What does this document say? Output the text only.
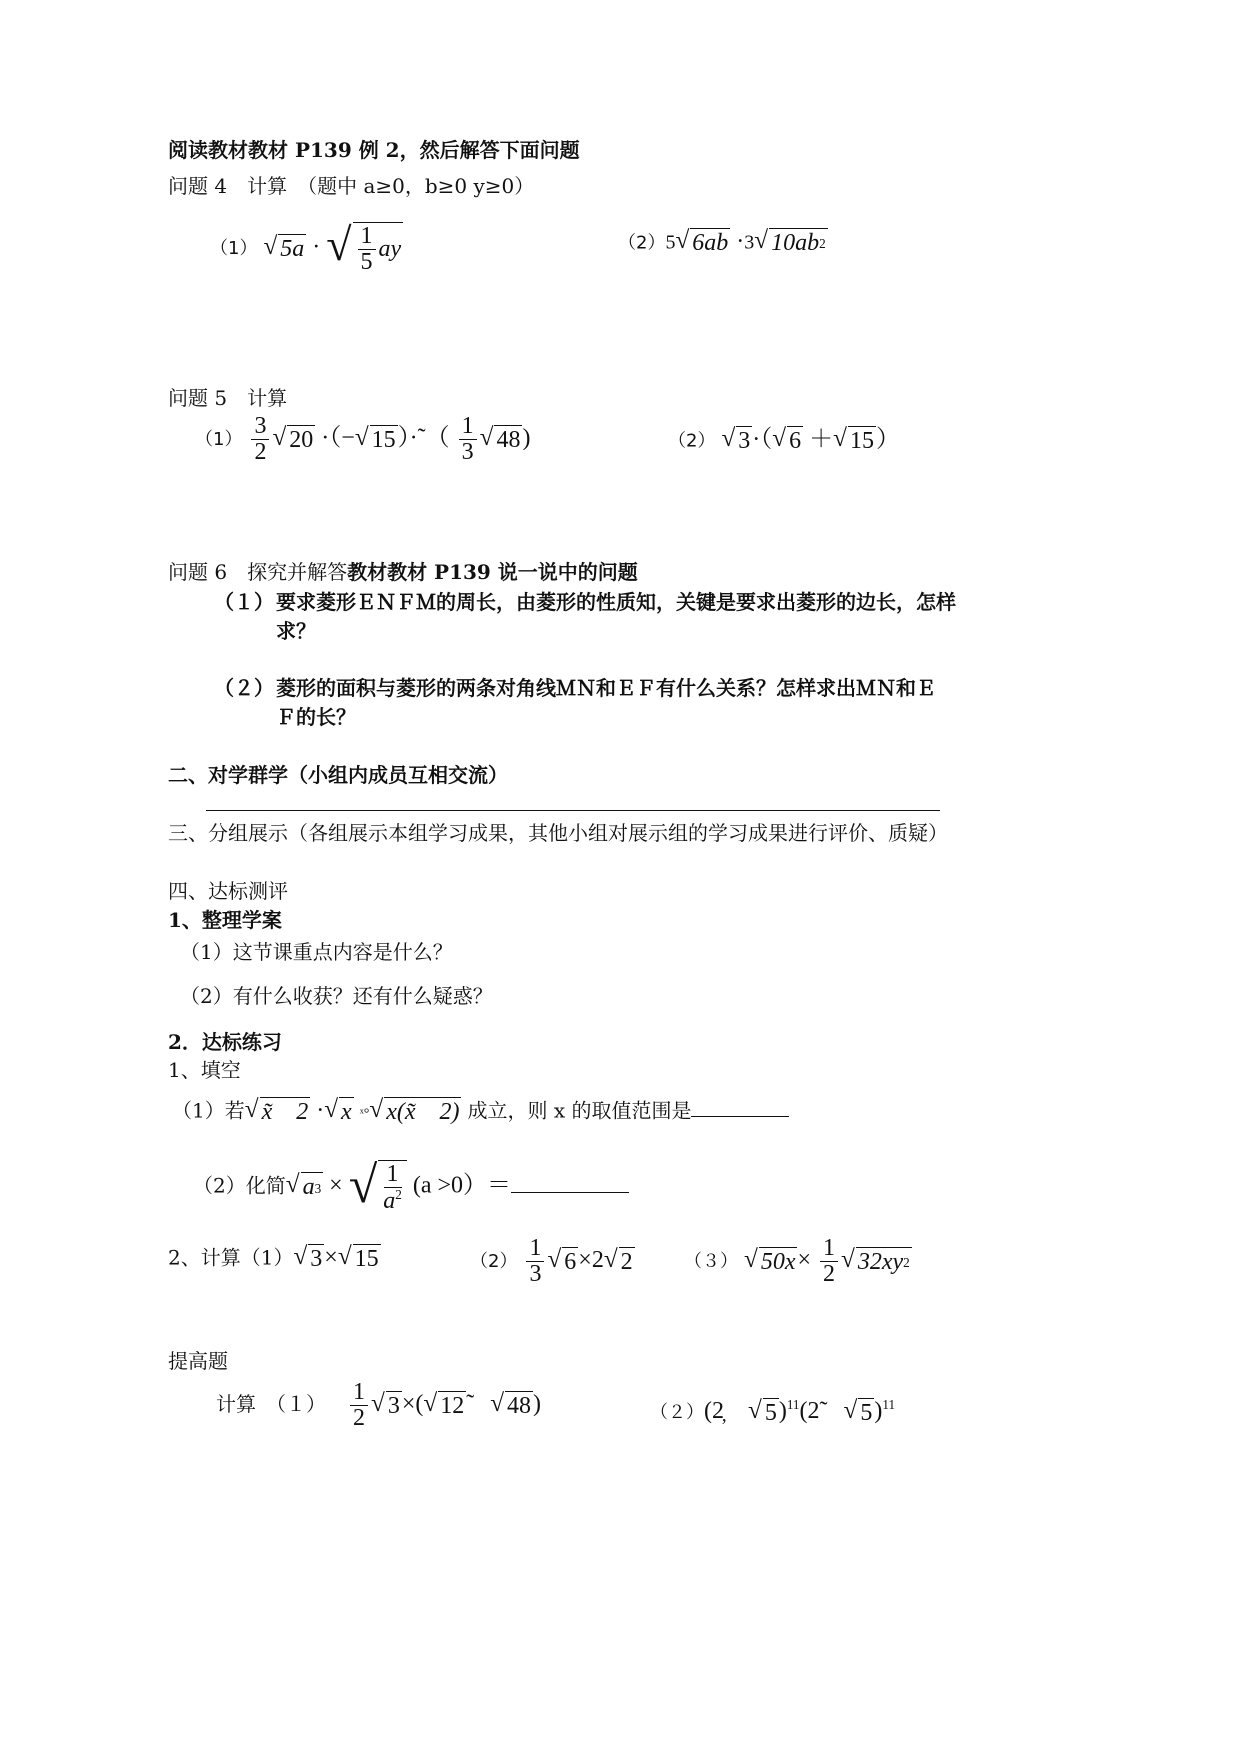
阅读教材教材 P139 例 2，然后解答下面问题
问题 4　计算　（题中 a≥0，b≥0 y≥0）
（1） √ 5a · √ $\frac{1}{5}$ ay	（2）5 √ 6ab ·3 √ 10ab 2
问题 5　计算
$(1) \frac{3}{2}$ √ 20 ·（− √ 15 ）·˜（ $\frac{1}{3}$ √ 48 )	（2） √ 3 ·（ √ 6 ＋ √ 15 ）
问题 6　探究并解答教材教材 P139 说一说中的问题
（１） 要求菱形ＥＮＦＭ的周长，由菱形的性质知，关键是要求出菱形的边长，怎样
求？
（２） 菱形的面积与菱形的两条对角线ＭＮ和ＥＦ有什么关系？怎样求出ＭＮ和Ｅ
Ｆ的长？
二、对学群学（小组内成员互相交流）
三、分组展示（各组展示本组学习成果，其他小组对展示组的学习成果进行评价、质疑）
四、达标测评
1、整理学案
（1）这节课重点内容是什么？
（2）有什么收获？还有什么疑惑？
2．达标练习
1、填空
（1）若 √ x̃　2 · √ x ˣ° √ x(x̃　2) 成立，则 x 的取值范围是
（2）化简 √ a 3 × √ $\frac{1}{a^2} (a >0)=$
2、计算（1） √ 3 × √ 15	$(2) \frac{1}{3}$ √ 6 ×2 √ 2	（３） √ $50x \times \frac{1}{2}$ √ 32xy 2
提高题
计算　$(1) \frac{1}{2}$ √ 3 ×( √ 12 ̃　 √ 48 )	（２）(2̦　 √ 5 )$^{11}$(2̃　 √ 5 )$^{11}$
